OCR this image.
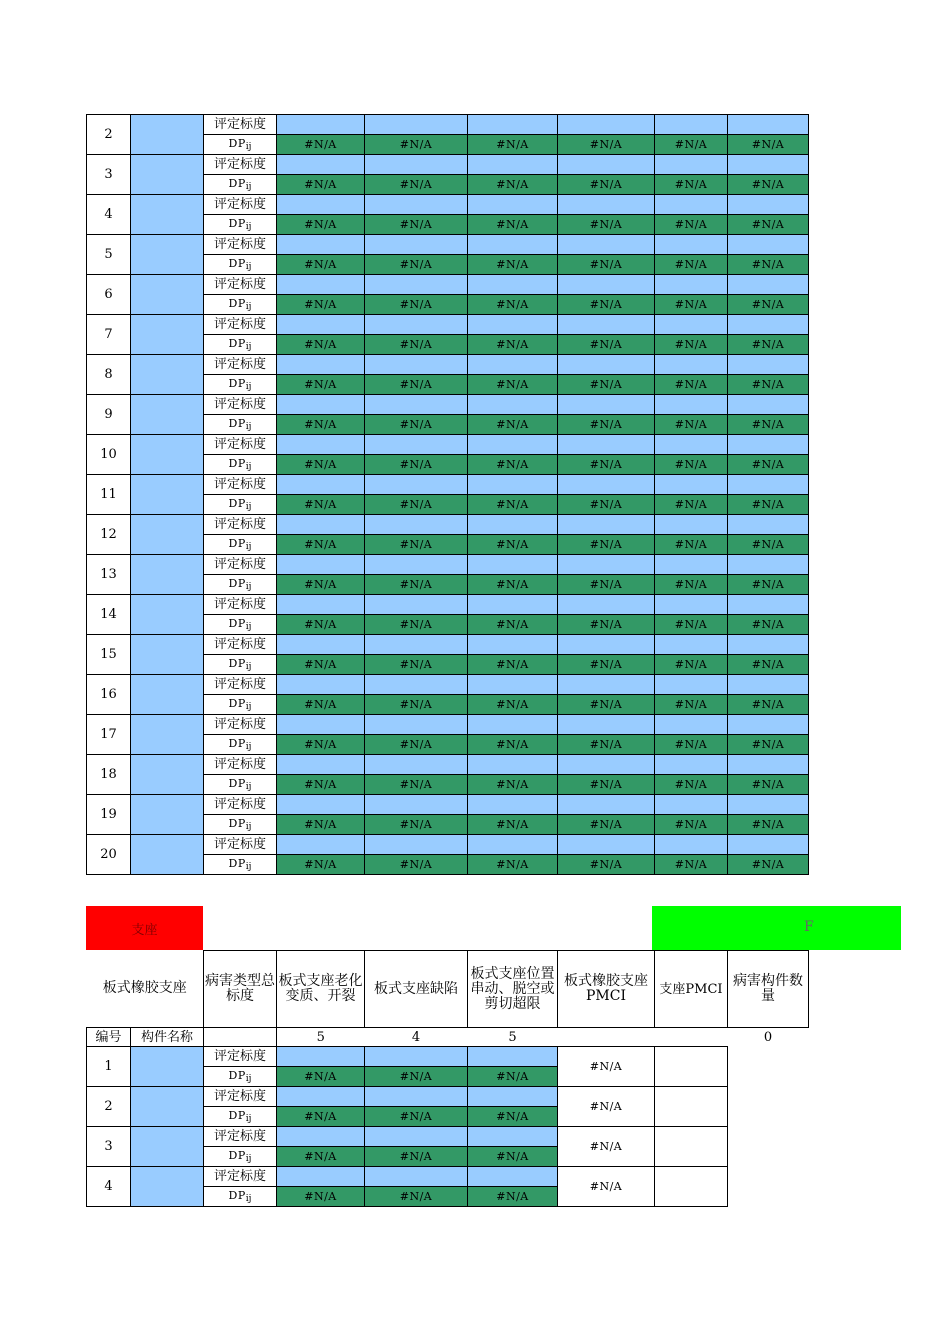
2		评定标度						
		$DP_{ij}$	#N/A	#N/A	#N/A	#N/A	#N/A	#N/A
3		评定标度						
		$DP_{ij}$	#N/A	#N/A	#N/A	#N/A	#N/A	#N/A
4		评定标度						
		$DP_{ij}$	#N/A	#N/A	#N/A	#N/A	#N/A	#N/A
5		评定标度						
		$DP_{ij}$	#N/A	#N/A	#N/A	#N/A	#N/A	#N/A
6		评定标度						
		$DP_{ij}$	#N/A	#N/A	#N/A	#N/A	#N/A	#N/A
7		评定标度						
		$DP_{ij}$	#N/A	#N/A	#N/A	#N/A	#N/A	#N/A
8		评定标度						
		$DP_{ij}$	#N/A	#N/A	#N/A	#N/A	#N/A	#N/A
9		评定标度						
		$DP_{ij}$	#N/A	#N/A	#N/A	#N/A	#N/A	#N/A
10		评定标度						
		$DP_{ij}$	#N/A	#N/A	#N/A	#N/A	#N/A	#N/A
11		评定标度						
		$DP_{ij}$	#N/A	#N/A	#N/A	#N/A	#N/A	#N/A
12		评定标度						
		$DP_{ij}$	#N/A	#N/A	#N/A	#N/A	#N/A	#N/A
13		评定标度						
		$DP_{ij}$	#N/A	#N/A	#N/A	#N/A	#N/A	#N/A
14		评定标度						
		$DP_{ij}$	#N/A	#N/A	#N/A	#N/A	#N/A	#N/A
15		评定标度						
		$DP_{ij}$	#N/A	#N/A	#N/A	#N/A	#N/A	#N/A
16		评定标度						
		$DP_{ij}$	#N/A	#N/A	#N/A	#N/A	#N/A	#N/A
17		评定标度						
		$DP_{ij}$	#N/A	#N/A	#N/A	#N/A	#N/A	#N/A
18		评定标度						
		$DP_{ij}$	#N/A	#N/A	#N/A	#N/A	#N/A	#N/A
19		评定标度						
		$DP_{ij}$	#N/A	#N/A	#N/A	#N/A	#N/A	#N/A
20		评定标度						
		$DP_{ij}$	#N/A	#N/A	#N/A	#N/A	#N/A	#N/A
支座	F
板式橡胶支座		病害类型总标度	板式支座老化变质、开裂	板式支座缺陷	板式支座位置串动、脱空或剪切超限	板式橡胶支座PMCI	支座PMCI	病害构件数量
编号	构件名称		5	4	5			0
1		评定标度				#N/A		
		$DP_{ij}$	#N/A	#N/A	#N/A			
2		评定标度				#N/A		
		$DP_{ij}$	#N/A	#N/A	#N/A			
3		评定标度				#N/A		
		$DP_{ij}$	#N/A	#N/A	#N/A			
4		评定标度				#N/A		
		$DP_{ij}$	#N/A	#N/A	#N/A			
